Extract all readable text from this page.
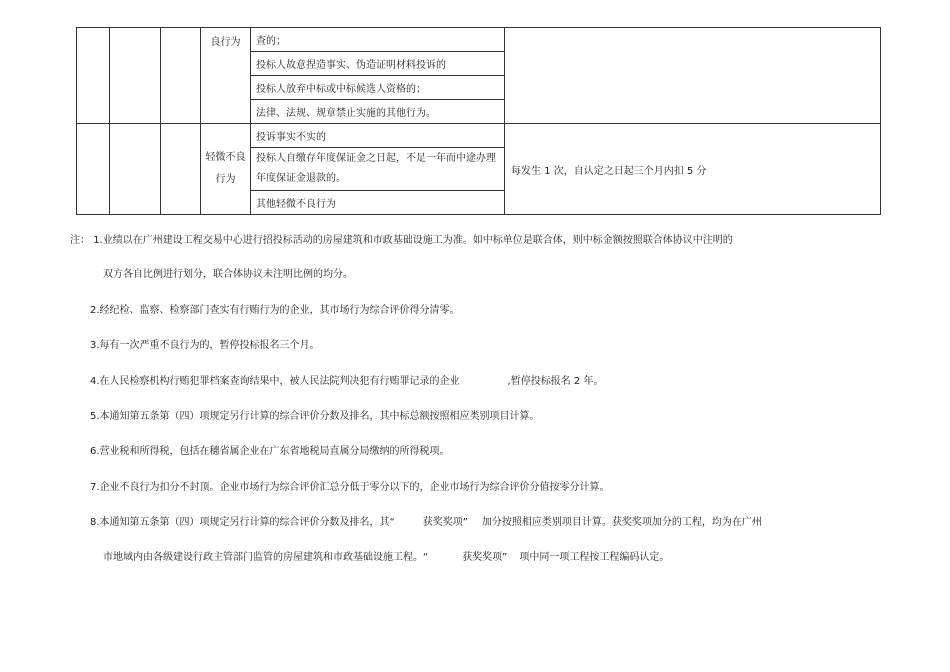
			良行为	查的；	
				投标人故意捏造事实、伪造证明材料投诉的	
				投标人放弃中标或中标候选人资格的；	
				法律、法规、规章禁止实施的其他行为。	
			轻微不良行为	投诉事实不实的	每发生 1 次，自认定之日起三个月内扣 5 分
				投标人自缴存年度保证金之日起，不足一年而中途办理年度保证金退款的。	
				其他轻微不良行为	
注： 1.业绩以在广州建设工程交易中心进行招投标活动的房屋建筑和市政基础设施工为准。如中标单位是联合体，则中标金额按照联合体协议中注明的
双方各自比例进行划分，联合体协议未注明比例的均分。
2.经纪检、监察、检察部门查实有行贿行为的企业，其市场行为综合评价得分清零。
3.每有一次严重不良行为的，暂停投标报名三个月。
4.在人民检察机构行贿犯罪档案查询结果中，被人民法院判决犯有行贿罪记录的企业	,暂停投标报名 2 年。
5.本通知第五条第（四）项规定另行计算的综合评价分数及排名，其中标总额按照相应类别项目计算。
6.营业税和所得税，包括在穗省属企业在广东省地税局直属分局缴纳的所得税项。
7.企业不良行为扣分不封顶。企业市场行为综合评价汇总分低于零分以下的，企业市场行为综合评价分值按零分计算。
8.本通知第五条第（四）项规定另行计算的综合评价分数及排名，其“	获奖奖项” 加分按照相应类别项目计算。获奖奖项加分的工程，均为在广州
市地域内由各级建设行政主管部门监管的房屋建筑和市政基础设施工程。“	获奖奖项” 项中同一项工程按工程编码认定。
